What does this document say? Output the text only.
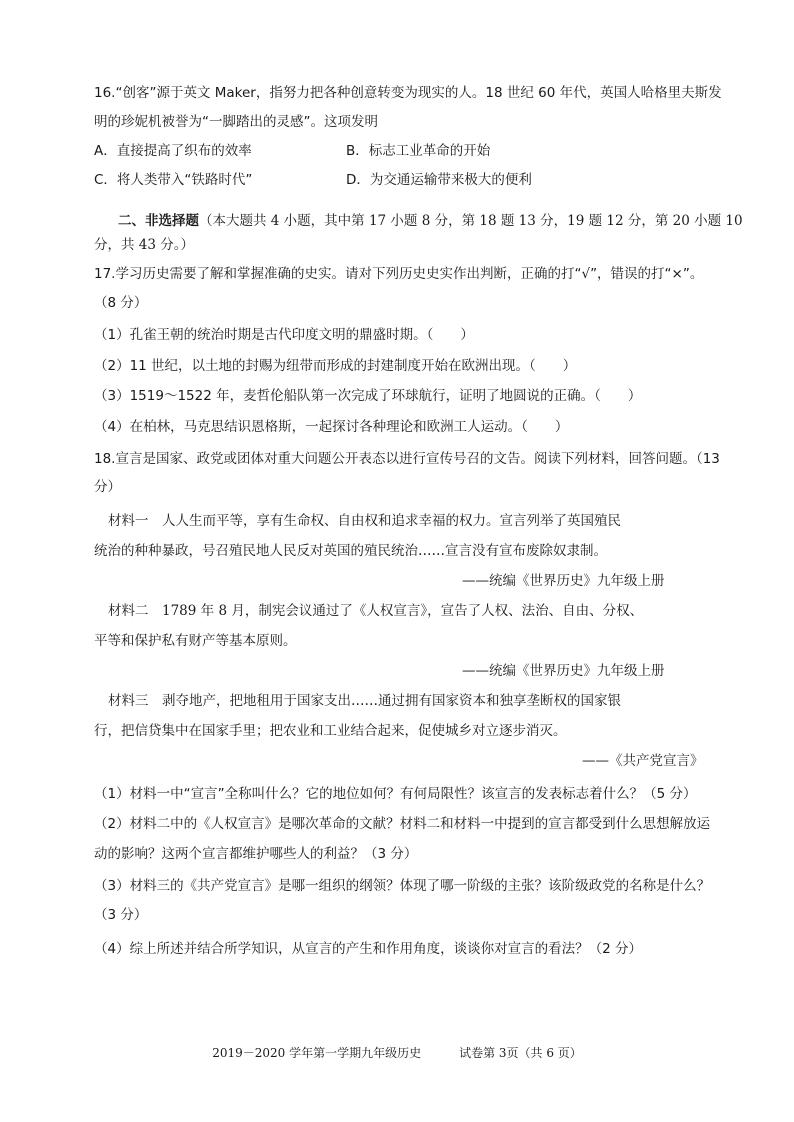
16.“创客”源于英文 Maker，指努力把各种创意转变为现实的人。18 世纪 60 年代，英国人哈格里夫斯发
明的珍妮机被誉为“一脚踏出的灵感”。这项发明
A．直接提高了织布的效率	B．标志工业革命的开始
C．将人类带入“铁路时代”	D．为交通运输带来极大的便利
二、非选择题（本大题共 4 小题，其中第 17 小题 8 分，第 18 题 13 分，19 题 12 分，第 20 小题 10
分，共 43 分。）
17.学习历史需要了解和掌握准确的史实。请对下列历史史实作出判断，正确的打“√”，错误的打“×”。
（8 分）
（1）孔雀王朝的统治时期是古代印度文明的鼎盛时期。（　　）
（2）11 世纪，以土地的封赐为纽带而形成的封建制度开始在欧洲出现。（　　）
（3）1519～1522 年，麦哲伦船队第一次完成了环球航行，证明了地圆说的正确。（　　）
（4）在柏林，马克思结识恩格斯，一起探讨各种理论和欧洲工人运动。（　　）
18.宣言是国家、政党或团体对重大问题公开表态以进行宣传号召的文告。阅读下列材料，回答问题。（13
分）
材料一　人人生而平等，享有生命权、自由权和追求幸福的权力。宣言列举了英国殖民
统治的种种暴政，号召殖民地人民反对英国的殖民统治……宣言没有宣布废除奴隶制。
——统编《世界历史》九年级上册
材料二　1789 年 8 月，制宪会议通过了《人权宣言》，宣告了人权、法治、自由、分权、
平等和保护私有财产等基本原则。
——统编《世界历史》九年级上册
材料三　剥夺地产，把地租用于国家支出……通过拥有国家资本和独享垄断权的国家银
行，把信贷集中在国家手里；把农业和工业结合起来，促使城乡对立逐步消灭。
——《共产党宣言》
（1）材料一中“宣言”全称叫什么？它的地位如何？有何局限性？该宣言的发表标志着什么？（5 分）
（2）材料二中的《人权宣言》是哪次革命的文献？材料二和材料一中提到的宣言都受到什么思想解放运
动的影响？这两个宣言都维护哪些人的利益？（3 分）
（3）材料三的《共产党宣言》是哪一组织的纲领？体现了哪一阶级的主张？该阶级政党的名称是什么？
（3 分）
（4）综上所述并结合所学知识，从宣言的产生和作用角度，谈谈你对宣言的看法？（2 分）
2019－2020 学年第一学期九年级历史	试卷第 3页（共 6 页）
